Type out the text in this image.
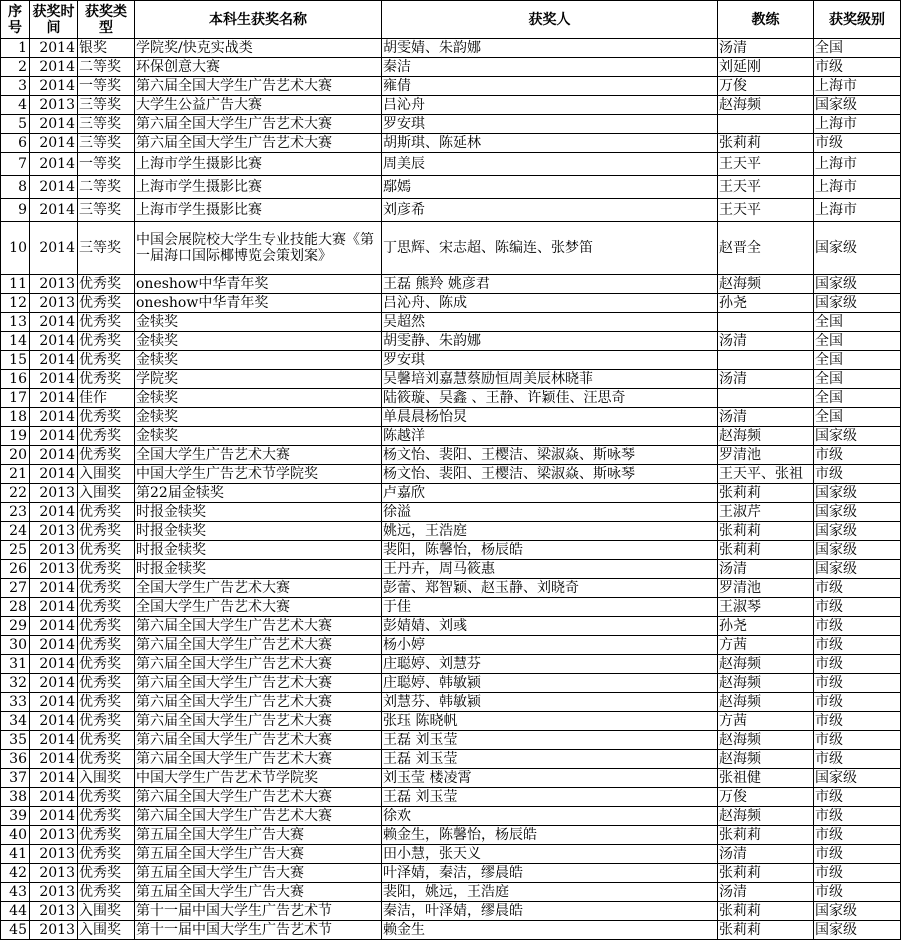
序号	获奖时间	获奖类型	本科生获奖名称	获奖人	教练	获奖级别
1	2014	银奖	学院奖/快克实战类	胡雯婧、朱韵娜	汤清	全国
2	2014	二等奖	环保创意大赛	秦洁	刘延刚	市级
3	2014	一等奖	第六届全国大学生广告艺术大赛	雍倩	万俊	上海市
4	2013	三等奖	大学生公益广告大赛	吕沁舟	赵海频	国家级
5	2014	三等奖	第六届全国大学生广告艺术大赛	罗安琪		上海市
6	2014	三等奖	第六届全国大学生广告艺术大赛	胡斯琪、陈延林	张莉莉	市级
7	2014	一等奖	上海市学生摄影比赛	周美辰	王天平	上海市
8	2014	二等奖	上海市学生摄影比赛	鄢嫣	王天平	上海市
9	2014	三等奖	上海市学生摄影比赛	刘彦希	王天平	上海市
10	2014	三等奖	中国会展院校大学生专业技能大赛《第一届海口国际椰博览会策划案》	丁思辉、宋志超、陈编连、张梦笛	赵晋全	国家级
11	2013	优秀奖	oneshow中华青年奖	王磊 熊羚 姚彦君	赵海频	国家级
12	2013	优秀奖	oneshow中华青年奖	吕沁舟、陈成	孙尧	国家级
13	2014	优秀奖	金犊奖	吴超然		全国
14	2014	优秀奖	金犊奖	胡雯静、朱韵娜	汤清	全国
15	2014	优秀奖	金犊奖	罗安琪		全国
16	2014	优秀奖	学院奖	吴馨培刘嘉慧蔡励恒周美辰林晓菲	汤清	全国
17	2014	佳作	金犊奖	陆筱璇、吴鑫 、王静、许颖佳、汪思奇		全国
18	2014	优秀奖	金犊奖	单晨晨杨怡炅	汤清	全国
19	2014	优秀奖	金犊奖	陈越洋	赵海频	国家级
20	2014	优秀奖	全国大学生广告艺术大赛	杨文怡、裴阳、王樱洁、梁淑焱、斯咏琴	罗清池	市级
21	2014	入围奖	中国大学生广告艺术节学院奖	杨文怡、裴阳、王樱洁、梁淑焱、斯咏琴	王天平、张祖	市级
22	2013	入围奖	第22届金犊奖	卢嘉欣	张莉莉	国家级
23	2014	优秀奖	时报金犊奖	徐溢	王淑芹	国家级
24	2013	优秀奖	时报金犊奖	姚远，王浩庭	张莉莉	国家级
25	2013	优秀奖	时报金犊奖	裴阳，陈馨怡，杨辰皓	张莉莉	国家级
26	2013	优秀奖	时报金犊奖	王丹卉，周马筱惠	汤清	国家级
27	2014	优秀奖	全国大学生广告艺术大赛	彭蕾、郑智颖、赵玉静、刘晓奇	罗清池	市级
28	2014	优秀奖	全国大学生广告艺术大赛	于佳	王淑琴	市级
29	2014	优秀奖	第六届全国大学生广告艺术大赛	彭婧婧、刘彧	孙尧	市级
30	2014	优秀奖	第六届全国大学生广告艺术大赛	杨小婷	方茜	市级
31	2014	优秀奖	第六届全国大学生广告艺术大赛	庄聪婷、刘慧芬	赵海频	市级
32	2014	优秀奖	第六届全国大学生广告艺术大赛	庄聪婷、韩敏颍	赵海频	市级
33	2014	优秀奖	第六届全国大学生广告艺术大赛	刘慧芬、韩敏颍	赵海频	市级
34	2014	优秀奖	第六届全国大学生广告艺术大赛	张珏 陈晓帆	方茜	市级
35	2014	优秀奖	第六届全国大学生广告艺术大赛	王磊 刘玉莹	赵海频	市级
36	2014	优秀奖	第六届全国大学生广告艺术大赛	王磊 刘玉莹	赵海频	市级
37	2014	入围奖	中国大学生广告艺术节学院奖	刘玉莹 楼凌霄	张祖健	国家级
38	2014	优秀奖	第六届全国大学生广告艺术大赛	王磊 刘玉莹	万俊	市级
39	2014	优秀奖	第六届全国大学生广告艺术大赛	徐欢	赵海频	市级
40	2013	优秀奖	第五届全国大学生广告大赛	赖金生，陈馨怡，杨辰皓	张莉莉	市级
41	2013	优秀奖	第五届全国大学生广告大赛	田小慧，张天义	汤清	市级
42	2013	优秀奖	第五届全国大学生广告大赛	叶泽婧，秦洁，缪晨皓	张莉莉	市级
43	2013	优秀奖	第五届全国大学生广告大赛	裴阳，姚远，王浩庭	汤清	市级
44	2013	入围奖	第十一届中国大学生广告艺术节	秦洁，叶泽婧，缪晨皓	张莉莉	国家级
45	2013	入围奖	第十一届中国大学生广告艺术节	赖金生	张莉莉	国家级
